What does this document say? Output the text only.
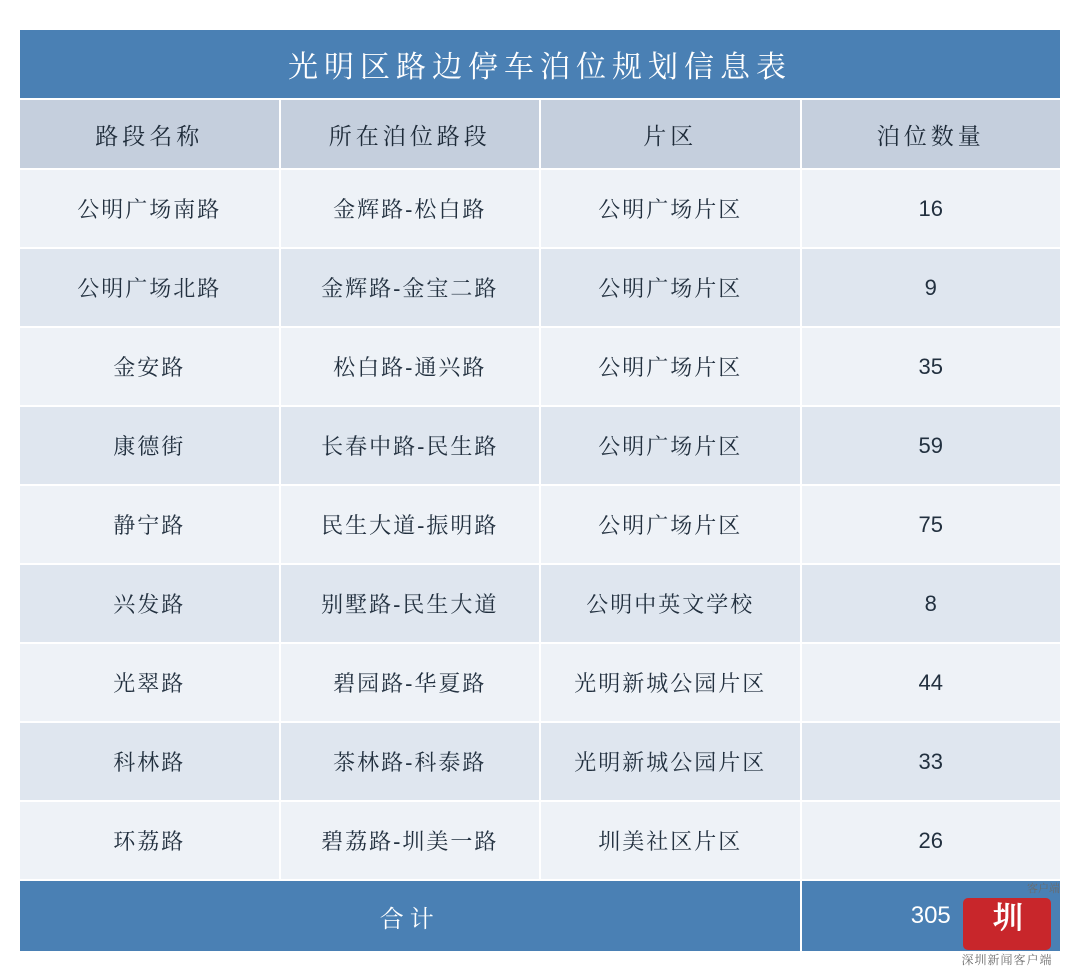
光明区路边停车泊位规划信息表			
路段名称	所在泊位路段	片区	泊位数量
公明广场南路	金辉路-松白路	公明广场片区	16
公明广场北路	金辉路-金宝二路	公明广场片区	9
金安路	松白路-通兴路	公明广场片区	35
康德街	长春中路-民生路	公明广场片区	59
静宁路	民生大道-振明路	公明广场片区	75
兴发路	别墅路-民生大道	公明中英文学校	8
光翠路	碧园路-华夏路	光明新城公园片区	44
科林路	茶林路-科泰路	光明新城公园片区	33
环荔路	碧荔路-圳美一路	圳美社区片区	26
合计			305
客户端
圳
深圳新闻客户端
